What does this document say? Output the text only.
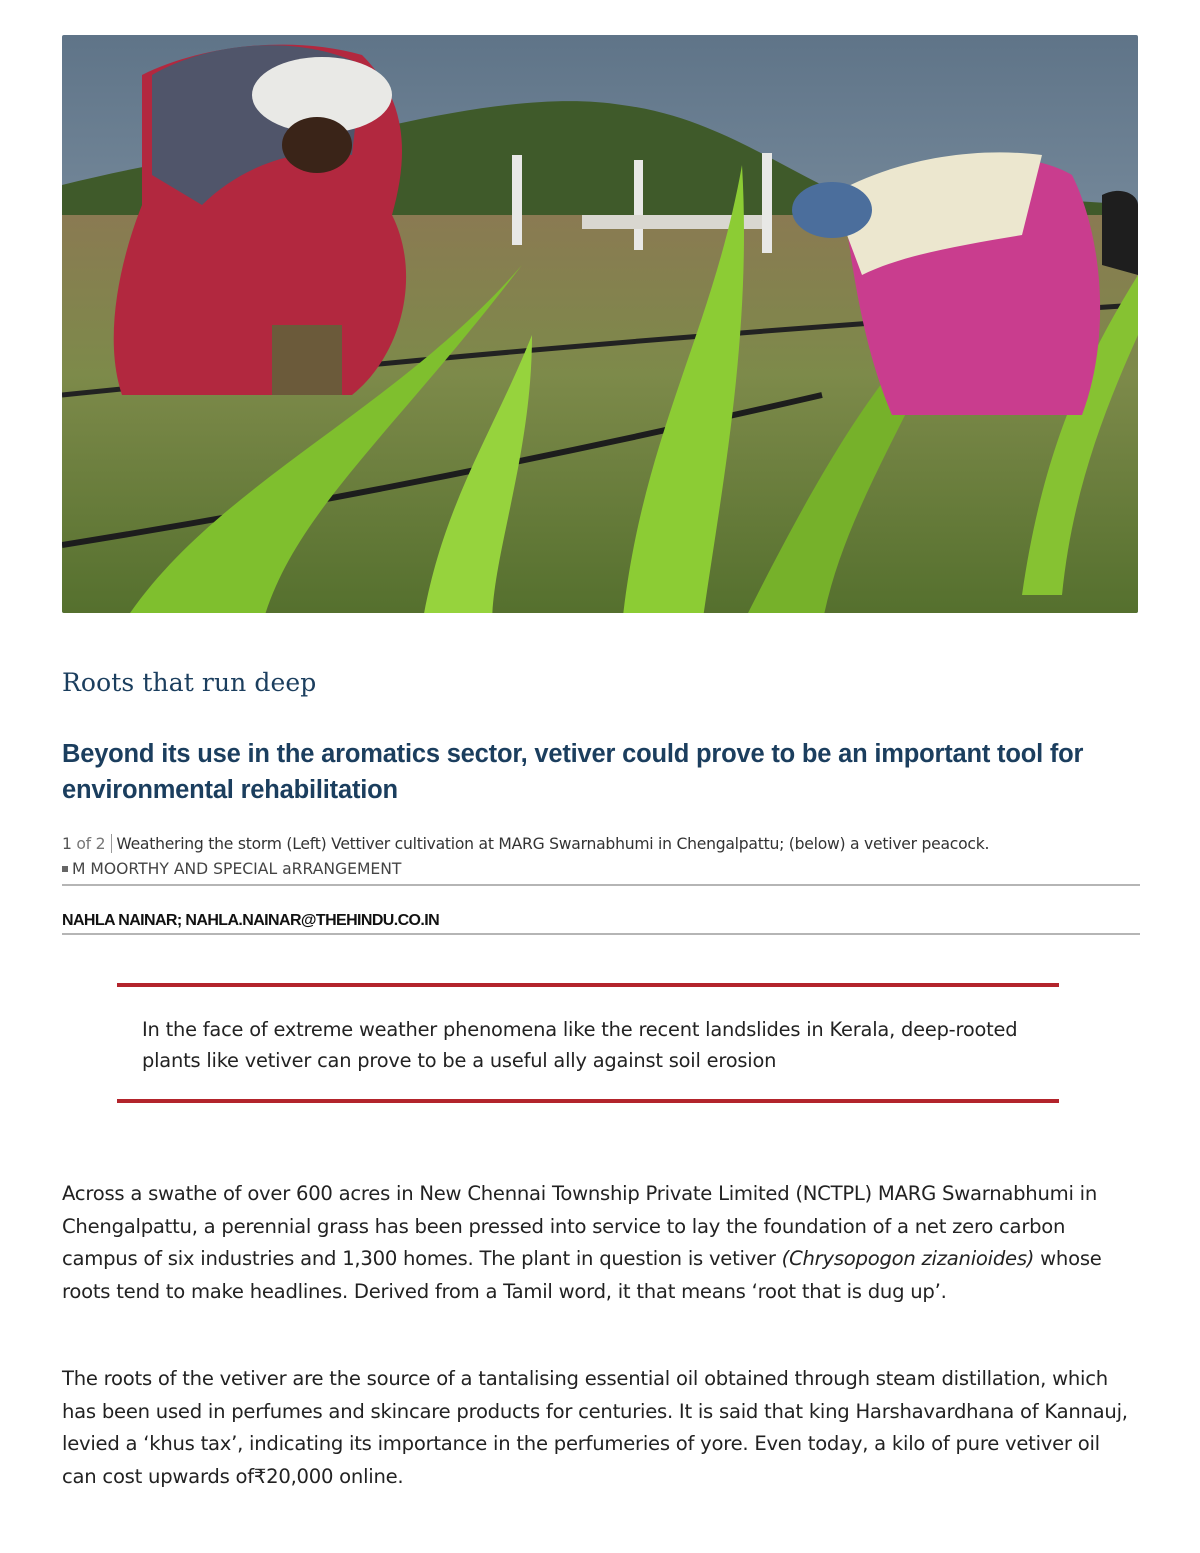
Roots that run deep
Beyond its use in the aromatics sector, vetiver could prove to be an important tool for environmental rehabilitation
1 of 2 Weathering the storm (Left) Vettiver cultivation at MARG Swarnabhumi in Chengalpattu; (below) a vetiver peacock.
M MOORTHY AND SPECIAL aRRANGEMENT
NAHLA NAINAR; NAHLA.NAINAR@THEHINDU.CO.IN
In the face of extreme weather phenomena like the recent landslides in Kerala, deep-rooted plants like vetiver can prove to be a useful ally against soil erosion

Across a swathe of over 600 acres in New Chennai Township Private Limited (NCTPL) MARG Swarnabhumi in Chengalpattu, a perennial grass has been pressed into service to lay the foundation of a net zero carbon campus of six industries and 1,300 homes. The plant in question is vetiver (Chrysopogon zizanioides) whose roots tend to make headlines. Derived from a Tamil word, it that means ‘root that is dug up’.

The roots of the vetiver are the source of a tantalising essential oil obtained through steam distillation, which has been used in perfumes and skincare products for centuries. It is said that king Harshavardhana of Kannauj, levied a ‘khus tax’, indicating its importance in the perfumeries of yore. Even today, a kilo of pure vetiver oil can cost upwards of₹20,000 online.
